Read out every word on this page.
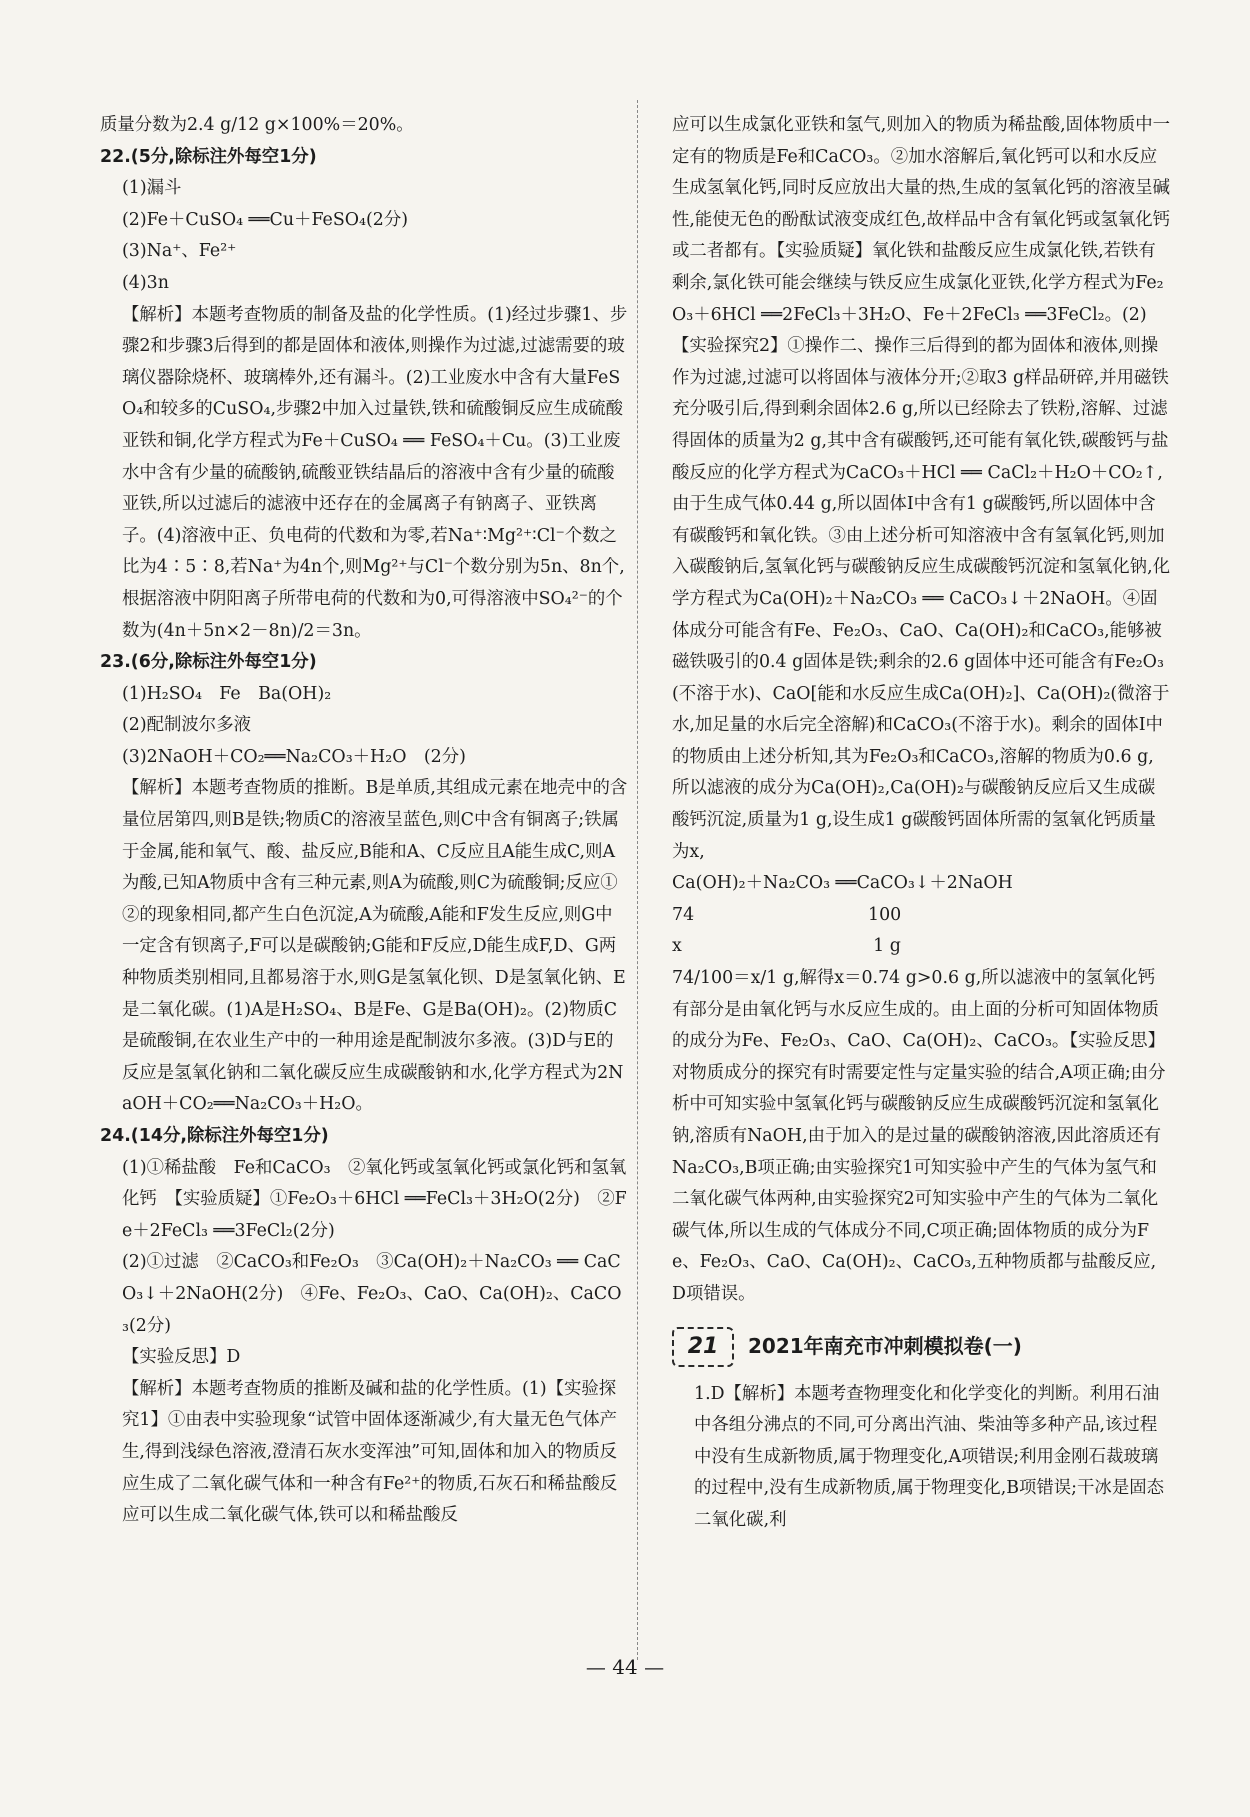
质量分数为2.4 g/12 g×100%＝20%。

22.(5分,除标注外每空1分)

(1)漏斗

(2)Fe＋CuSO₄ ══Cu＋FeSO₄(2分)

(3)Na⁺、Fe²⁺

(4)3n

【解析】本题考查物质的制备及盐的化学性质。(1)经过步骤1、步骤2和步骤3后得到的都是固体和液体,则操作为过滤,过滤需要的玻璃仪器除烧杯、玻璃棒外,还有漏斗。(2)工业废水中含有大量FeSO₄和较多的CuSO₄,步骤2中加入过量铁,铁和硫酸铜反应生成硫酸亚铁和铜,化学方程式为Fe＋CuSO₄ ══ FeSO₄＋Cu。(3)工业废水中含有少量的硫酸钠,硫酸亚铁结晶后的溶液中含有少量的硫酸亚铁,所以过滤后的滤液中还存在的金属离子有钠离子、亚铁离子。(4)溶液中正、负电荷的代数和为零,若Na⁺∶Mg²⁺∶Cl⁻个数之比为4∶5∶8,若Na⁺为4n个,则Mg²⁺与Cl⁻个数分别为5n、8n个,根据溶液中阴阳离子所带电荷的代数和为0,可得溶液中SO₄²⁻的个数为(4n＋5n×2－8n)/2＝3n。

23.(6分,除标注外每空1分)

(1)H₂SO₄　Fe　Ba(OH)₂

(2)配制波尔多液

(3)2NaOH＋CO₂══Na₂CO₃＋H₂O　(2分)

【解析】本题考查物质的推断。B是单质,其组成元素在地壳中的含量位居第四,则B是铁;物质C的溶液呈蓝色,则C中含有铜离子;铁属于金属,能和氧气、酸、盐反应,B能和A、C反应且A能生成C,则A为酸,已知A物质中含有三种元素,则A为硫酸,则C为硫酸铜;反应①②的现象相同,都产生白色沉淀,A为硫酸,A能和F发生反应,则G中一定含有钡离子,F可以是碳酸钠;G能和F反应,D能生成F,D、G两种物质类别相同,且都易溶于水,则G是氢氧化钡、D是氢氧化钠、E是二氧化碳。(1)A是H₂SO₄、B是Fe、G是Ba(OH)₂。(2)物质C是硫酸铜,在农业生产中的一种用途是配制波尔多液。(3)D与E的反应是氢氧化钠和二氧化碳反应生成碳酸钠和水,化学方程式为2NaOH＋CO₂══Na₂CO₃＋H₂O。

24.(14分,除标注外每空1分)

(1)①稀盐酸　Fe和CaCO₃　②氧化钙或氢氧化钙或氯化钙和氢氧化钙　【实验质疑】①Fe₂O₃＋6HCl ══FeCl₃＋3H₂O(2分)　②Fe＋2FeCl₃ ══3FeCl₂(2分)

(2)①过滤　②CaCO₃和Fe₂O₃　③Ca(OH)₂＋Na₂CO₃ ══ CaCO₃↓＋2NaOH(2分)　④Fe、Fe₂O₃、CaO、Ca(OH)₂、CaCO₃(2分)

【实验反思】D

【解析】本题考查物质的推断及碱和盐的化学性质。(1)【实验探究1】①由表中实验现象“试管中固体逐渐减少,有大量无色气体产生,得到浅绿色溶液,澄清石灰水变浑浊”可知,固体和加入的物质反应生成了二氧化碳气体和一种含有Fe²⁺的物质,石灰石和稀盐酸反应可以生成二氧化碳气体,铁可以和稀盐酸反

应可以生成氯化亚铁和氢气,则加入的物质为稀盐酸,固体物质中一定有的物质是Fe和CaCO₃。②加水溶解后,氧化钙可以和水反应生成氢氧化钙,同时反应放出大量的热,生成的氢氧化钙的溶液呈碱性,能使无色的酚酞试液变成红色,故样品中含有氧化钙或氢氧化钙或二者都有。【实验质疑】氧化铁和盐酸反应生成氯化铁,若铁有剩余,氯化铁可能会继续与铁反应生成氯化亚铁,化学方程式为Fe₂O₃＋6HCl ══2FeCl₃＋3H₂O、Fe＋2FeCl₃ ══3FeCl₂。(2)【实验探究2】①操作二、操作三后得到的都为固体和液体,则操作为过滤,过滤可以将固体与液体分开;②取3 g样品研碎,并用磁铁充分吸引后,得到剩余固体2.6 g,所以已经除去了铁粉,溶解、过滤得固体的质量为2 g,其中含有碳酸钙,还可能有氧化铁,碳酸钙与盐酸反应的化学方程式为CaCO₃＋HCl ══ CaCl₂＋H₂O＋CO₂↑,由于生成气体0.44 g,所以固体Ⅰ中含有1 g碳酸钙,所以固体中含有碳酸钙和氧化铁。③由上述分析可知溶液中含有氢氧化钙,则加入碳酸钠后,氢氧化钙与碳酸钠反应生成碳酸钙沉淀和氢氧化钠,化学方程式为Ca(OH)₂＋Na₂CO₃ ══ CaCO₃↓＋2NaOH。④固体成分可能含有Fe、Fe₂O₃、CaO、Ca(OH)₂和CaCO₃,能够被磁铁吸引的0.4 g固体是铁;剩余的2.6 g固体中还可能含有Fe₂O₃(不溶于水)、CaO[能和水反应生成Ca(OH)₂]、Ca(OH)₂(微溶于水,加足量的水后完全溶解)和CaCO₃(不溶于水)。剩余的固体Ⅰ中的物质由上述分析知,其为Fe₂O₃和CaCO₃,溶解的物质为0.6 g,所以滤液的成分为Ca(OH)₂,Ca(OH)₂与碳酸钠反应后又生成碳酸钙沉淀,质量为1 g,设生成1 g碳酸钙固体所需的氢氧化钙质量为x,

Ca(OH)₂＋Na₂CO₃ ══CaCO₃↓＋2NaOH

74　　　　　　　　　　100

x　　　　　　　　　　　1 g

74/100＝x/1 g,解得x＝0.74 g>0.6 g,所以滤液中的氢氧化钙有部分是由氧化钙与水反应生成的。由上面的分析可知固体物质的成分为Fe、Fe₂O₃、CaO、Ca(OH)₂、CaCO₃。【实验反思】对物质成分的探究有时需要定性与定量实验的结合,A项正确;由分析中可知实验中氢氧化钙与碳酸钠反应生成碳酸钙沉淀和氢氧化钠,溶质有NaOH,由于加入的是过量的碳酸钠溶液,因此溶质还有Na₂CO₃,B项正确;由实验探究1可知实验中产生的气体为氢气和二氧化碳气体两种,由实验探究2可知实验中产生的气体为二氧化碳气体,所以生成的气体成分不同,C项正确;固体物质的成分为Fe、Fe₂O₃、CaO、Ca(OH)₂、CaCO₃,五种物质都与盐酸反应,D项错误。

21	2021年南充市冲刺模拟卷(一)

1.D【解析】本题考查物理变化和化学变化的判断。利用石油中各组分沸点的不同,可分离出汽油、柴油等多种产品,该过程中没有生成新物质,属于物理变化,A项错误;利用金刚石裁玻璃的过程中,没有生成新物质,属于物理变化,B项错误;干冰是固态二氧化碳,利

— 44 —
